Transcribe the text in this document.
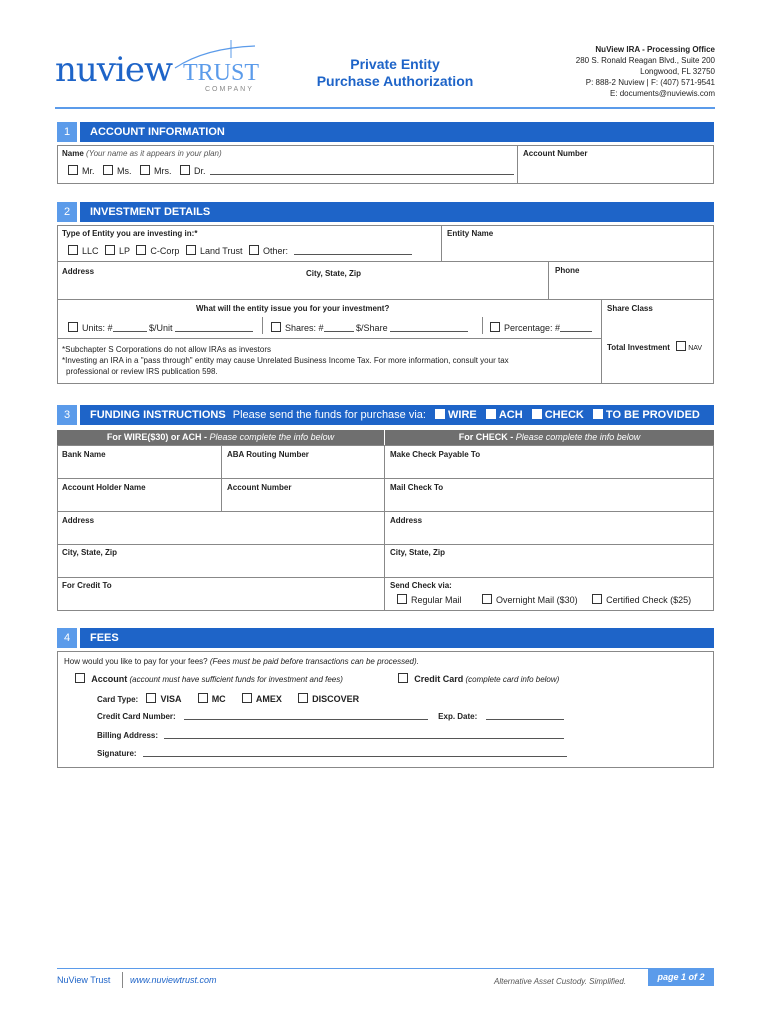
nuview TRUST
COMPANY
Private Entity
Purchase Authorization
NuView IRA - Processing Office
280 S. Ronald Reagan Blvd., Suite 200
Longwood, FL 32750
P: 888-2 Nuview | F: (407) 571-9541
E: documents@nuviewis.com
1	ACCOUNT INFORMATION
Name (Your name as it appears in your plan)	Account Number
Mr.	Ms.	Mrs.	Dr.
2	INVESTMENT DETAILS
Type of Entity you are investing in:*	Entity Name
LLC LP C-Corp Land Trust Other:
Address	City, State, Zip	Phone
What will the entity issue you for your investment?	Share Class
Units: #	$/Unit	Shares: #	$/Share	Percentage: #
*Subchapter S Corporations do not allow IRAs as investors
*Investing an IRA in a "pass through" entity may cause Unrelated Business Income Tax. For more information, consult your tax
professional or review IRS publication 598.
Total Investment	NAV
3	FUNDING INSTRUCTIONS Please send the funds for purchase via: WIRE ACH CHECK TO BE PROVIDED
For WIRE($30) or ACH - Please complete the info below	For CHECK - Please complete the info below
Bank Name	ABA Routing Number	Make Check Payable To
Account Holder Name	Account Number	Mail Check To
Address	Address
City, State, Zip	City, State, Zip
For Credit To	Send Check via:
Regular Mail	Overnight Mail ($30)	Certified Check ($25)
4	FEES
How would you like to pay for your fees? (Fees must be paid before transactions can be processed).
Account (account must have sufficient funds for investment and fees)	Credit Card (complete card info below)
Card Type: VISA	MC	AMEX	DISCOVER
Credit Card Number:	Exp. Date:
Billing Address:
Signature:
NuView Trust www.nuviewtrust.com	Alternative Asset Custody. Simplified.	page 1 of 2
